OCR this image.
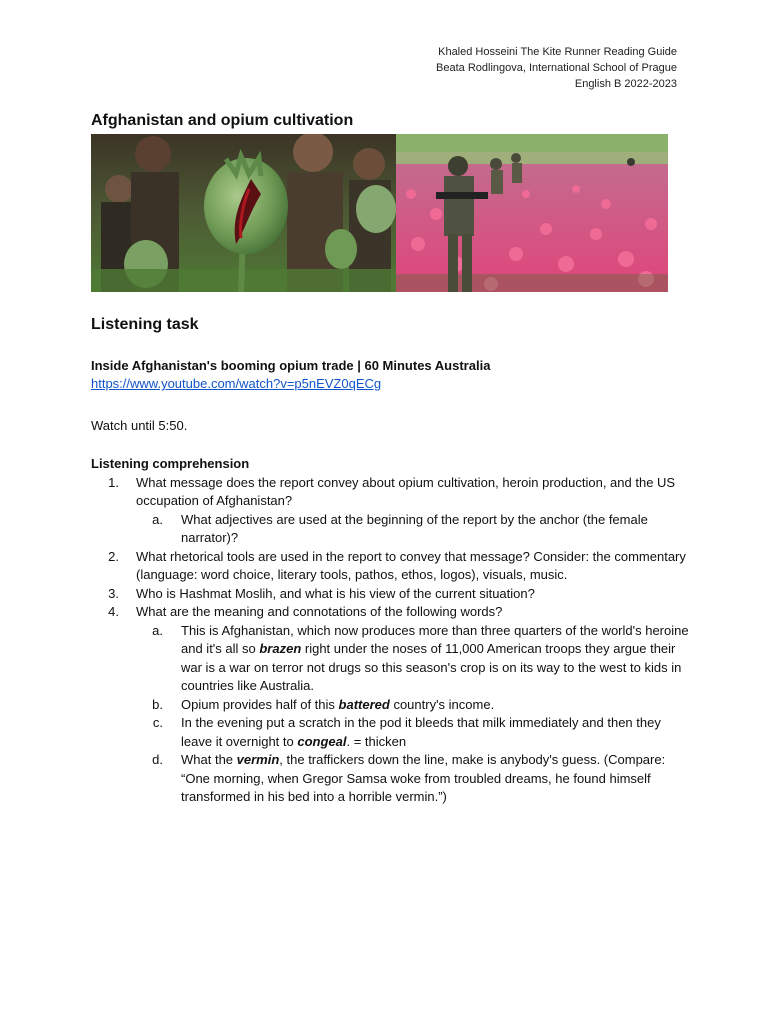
Khaled Hosseini The Kite Runner Reading Guide
Beata Rodlingova, International School of Prague
English B 2022-2023
Afghanistan and opium cultivation
Listening task
Inside Afghanistan's booming opium trade | 60 Minutes Australia
https://www.youtube.com/watch?v=p5nEVZ0qECg
Watch until 5:50.
Listening comprehension
1. What message does the report convey about opium cultivation, heroin production, and the US occupation of Afghanistan?
a. What adjectives are used at the beginning of the report by the anchor (the female narrator)?
2. What rhetorical tools are used in the report to convey that message? Consider: the commentary (language: word choice, literary tools, pathos, ethos, logos), visuals, music.
3. Who is Hashmat Moslih, and what is his view of the current situation?
4. What are the meaning and connotations of the following words?
a. This is Afghanistan, which now produces more than three quarters of the world's heroine and it's all so brazen right under the noses of 11,000 American troops they argue their war is a war on terror not drugs so this season's crop is on its way to the west to kids in countries like Australia.
b. Opium provides half of this battered country's income.
c. In the evening put a scratch in the pod it bleeds that milk immediately and then they leave it overnight to congeal. = thicken
d. What the vermin, the traffickers down the line, make is anybody's guess. (Compare: “One morning, when Gregor Samsa woke from troubled dreams, he found himself transformed in his bed into a horrible vermin.”)
